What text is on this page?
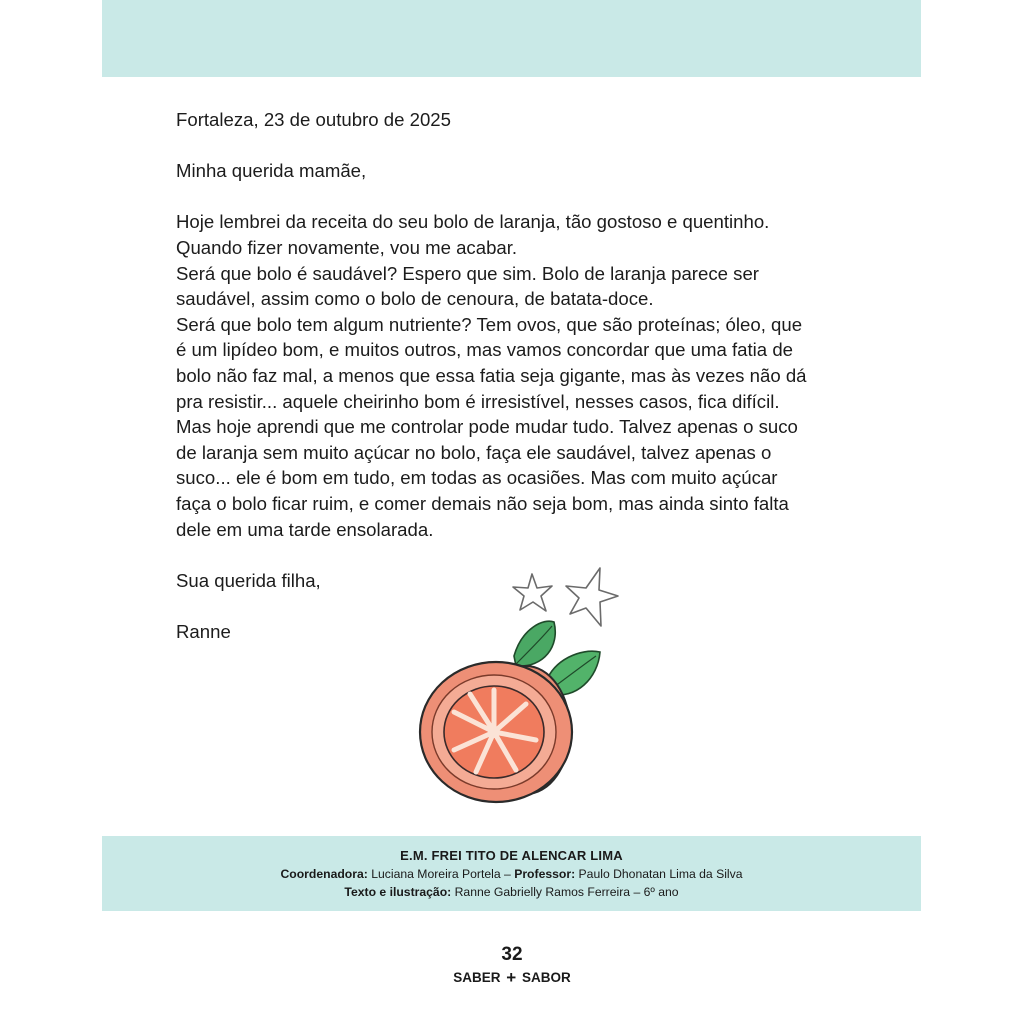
Fortaleza, 23 de outubro de 2025

Minha querida mamãe,

Hoje lembrei da receita do seu bolo de laranja, tão gostoso e quentinho.
Quando fizer novamente, vou me acabar.
Será que bolo é saudável? Espero que sim. Bolo de laranja parece ser
saudável, assim como o bolo de cenoura, de batata-doce.
Será que bolo tem algum nutriente? Tem ovos, que são proteínas; óleo, que
é um lipídeo bom, e muitos outros, mas vamos concordar que uma fatia de
bolo não faz mal, a menos que essa fatia seja gigante, mas às vezes não dá
pra resistir... aquele cheirinho bom é irresistível, nesses casos, fica difícil.
Mas hoje aprendi que me controlar pode mudar tudo. Talvez apenas o suco
de laranja sem muito açúcar no bolo, faça ele saudável, talvez apenas o
suco... ele é bom em tudo, em todas as ocasiões. Mas com muito açúcar
faça o bolo ficar ruim, e comer demais não seja bom, mas ainda sinto falta
dele em uma tarde ensolarada.

Sua querida filha,

Ranne

E.M. FREI TITO DE ALENCAR LIMA
Coordenadora: Luciana Moreira Portela – Professor: Paulo Dhonatan Lima da Silva
Texto e ilustração: Ranne Gabrielly Ramos Ferreira – 6º ano
32
SABER + SABOR
